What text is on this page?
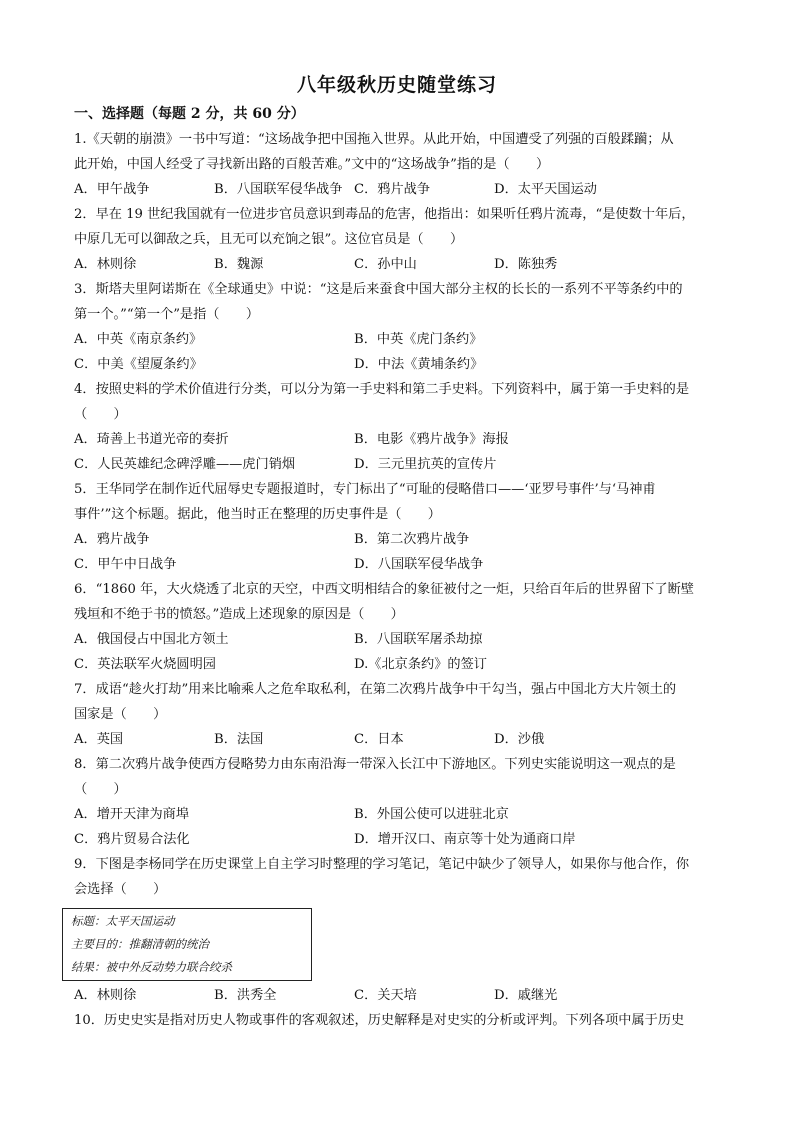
八年级秋历史随堂练习
一、选择题（每题 2 分，共 60 分）
1.《天朝的崩溃》一书中写道：“这场战争把中国拖入世界。从此开始，中国遭受了列强的百般蹂躏；从
此开始，中国人经受了寻找新出路的百般苦难。”文中的“这场战争”指的是（　　）
A．甲午战争	B．八国联军侵华战争 C．鸦片战争	D．太平天国运动
2．早在 19 世纪我国就有一位进步官员意识到毒品的危害，他指出：如果听任鸦片流毒，“是使数十年后，
中原几无可以御敌之兵，且无可以充饷之银”。这位官员是（　　）
A．林则徐	B．魏源	C．孙中山	D．陈独秀
3．斯塔夫里阿诺斯在《全球通史》中说：“这是后来蚕食中国大部分主权的长长的一系列不平等条约中的
第一个。”“第一个”是指（　　）
A．中英《南京条约》	B．中英《虎门条约》
C．中美《望厦条约》	D．中法《黄埔条约》
4．按照史料的学术价值进行分类，可以分为第一手史料和第二手史料。下列资料中，属于第一手史料的是
（　　）
A．琦善上书道光帝的奏折	B．电影《鸦片战争》海报
C．人民英雄纪念碑浮雕——虎门销烟	D．三元里抗英的宣传片
5．王华同学在制作近代屈辱史专题报道时，专门标出了“可耻的侵略借口——‘亚罗号事件’与‘马神甫
事件’”这个标题。据此，他当时正在整理的历史事件是（　　）
A．鸦片战争	B．第二次鸦片战争
C．甲午中日战争	D．八国联军侵华战争
6．“1860 年，大火烧透了北京的天空，中西文明相结合的象征被付之一炬，只给百年后的世界留下了断壁
残垣和不绝于书的愤怒。”造成上述现象的原因是（　　）
A．俄国侵占中国北方领土	B．八国联军屠杀劫掠
C．英法联军火烧圆明园	D.《北京条约》的签订
7．成语“趁火打劫”用来比喻乘人之危牟取私利，在第二次鸦片战争中干勾当，强占中国北方大片领土的
国家是（　　）
A．英国	B．法国	C．日本	D．沙俄
8．第二次鸦片战争使西方侵略势力由东南沿海一带深入长江中下游地区。下列史实能说明这一观点的是
（　　）
A．增开天津为商埠	B．外国公使可以进驻北京
C．鸦片贸易合法化	D．增开汉口、南京等十处为通商口岸
9．下图是李杨同学在历史课堂上自主学习时整理的学习笔记，笔记中缺少了领导人，如果你与他合作，你
会选择（　　）
标题：太平天国运动
主要目的：推翻清朝的统治
结果：被中外反动势力联合绞杀
A．林则徐	B．洪秀全	C．关天培	D．戚继光
10．历史史实是指对历史人物或事件的客观叙述，历史解释是对史实的分析或评判。下列各项中属于历史
